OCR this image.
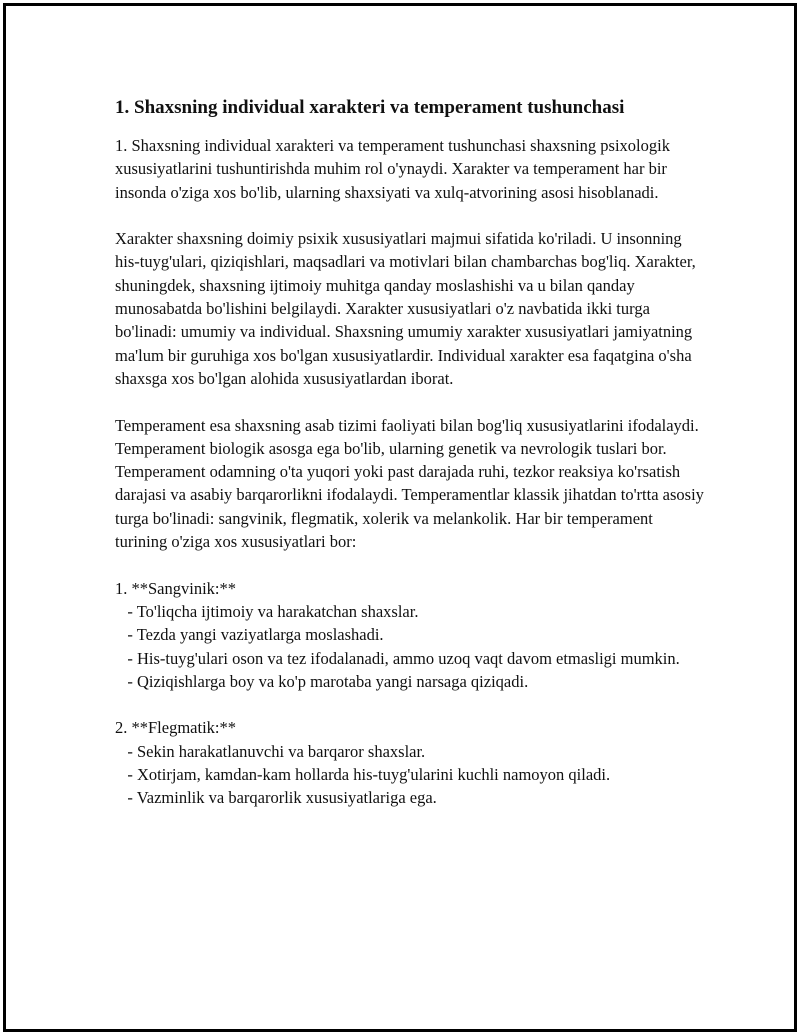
1. Shaxsning individual xarakteri va temperament tushunchasi

1. Shaxsning individual xarakteri va temperament tushunchasi shaxsning psixologik xususiyatlarini tushuntirishda muhim rol o'ynaydi. Xarakter va temperament har bir insonda o'ziga xos bo'lib, ularning shaxsiyati va xulq-atvorining asosi hisoblanadi.

Xarakter shaxsning doimiy psixik xususiyatlari majmui sifatida ko'riladi. U insonning his-tuyg'ulari, qiziqishlari, maqsadlari va motivlari bilan chambarchas bog'liq. Xarakter, shuningdek, shaxsning ijtimoiy muhitga qanday moslashishi va u bilan qanday munosabatda bo'lishini belgilaydi. Xarakter xususiyatlari o'z navbatida ikki turga bo'linadi: umumiy va individual. Shaxsning umumiy xarakter xususiyatlari jamiyatning ma'lum bir guruhiga xos bo'lgan xususiyatlardir. Individual xarakter esa faqatgina o'sha shaxsga xos bo'lgan alohida xususiyatlardan iborat.

Temperament esa shaxsning asab tizimi faoliyati bilan bog'liq xususiyatlarini ifodalaydi. Temperament biologik asosga ega bo'lib, ularning genetik va nevrologik tuslari bor. Temperament odamning o'ta yuqori yoki past darajada ruhi, tezkor reaksiya ko'rsatish darajasi va asabiy barqarorlikni ifodalaydi. Temperamentlar klassik jihatdan to'rtta asosiy turga bo'linadi: sangvinik, flegmatik, xolerik va melankolik. Har bir temperament turining o'ziga xos xususiyatlari bor:

1. **Sangvinik:**

- To'liqcha ijtimoiy va harakatchan shaxslar.
- Tezda yangi vaziyatlarga moslashadi.
- His-tuyg'ulari oson va tez ifodalanadi, ammo uzoq vaqt davom etmasligi mumkin.
- Qiziqishlarga boy va ko'p marotaba yangi narsaga qiziqadi.

2. **Flegmatik:**

- Sekin harakatlanuvchi va barqaror shaxslar.
- Xotirjam, kamdan-kam hollarda his-tuyg'ularini kuchli namoyon qiladi.
- Vazminlik va barqarorlik xususiyatlariga ega.
